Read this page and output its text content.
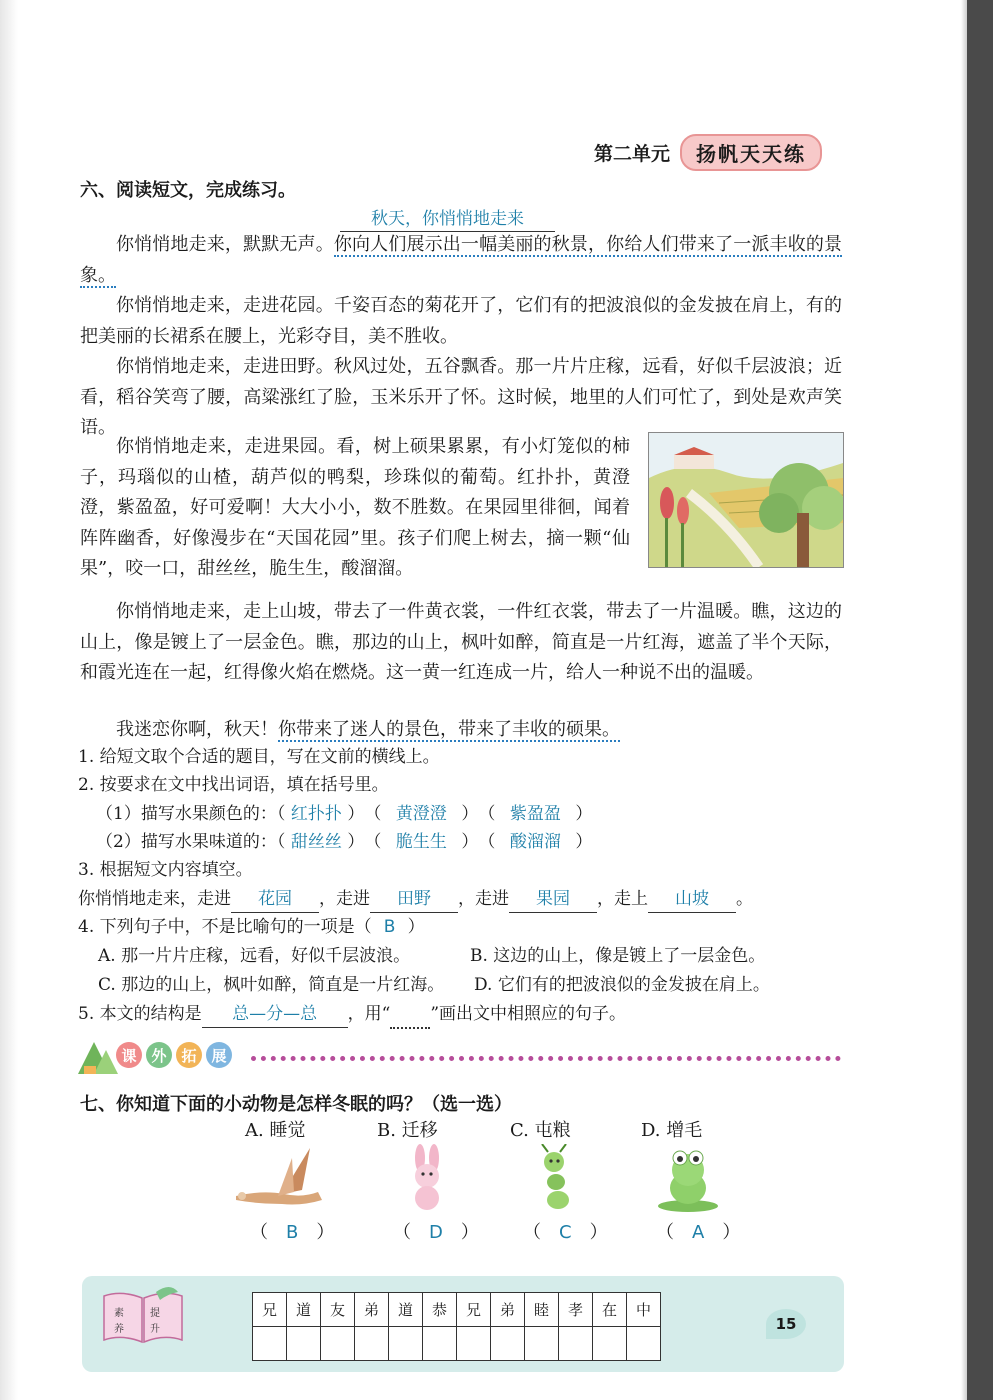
第二单元	扬帆天天练
六、阅读短文，完成练习。
秋天，你悄悄地走来

你悄悄地走来，默默无声。你向人们展示出一幅美丽的秋景，你给人们带来了一派丰收的景象。

你悄悄地走来，走进花园。千姿百态的菊花开了，它们有的把波浪似的金发披在肩上，有的把美丽的长裙系在腰上，光彩夺目，美不胜收。

你悄悄地走来，走进田野。秋风过处，五谷飘香。那一片片庄稼，远看，好似千层波浪；近看，稻谷笑弯了腰，高粱涨红了脸，玉米乐开了怀。这时候，地里的人们可忙了，到处是欢声笑语。

你悄悄地走来，走进果园。看，树上硕果累累，有小灯笼似的柿子，玛瑙似的山楂，葫芦似的鸭梨，珍珠似的葡萄。红扑扑，黄澄澄，紫盈盈，好可爱啊！大大小小，数不胜数。在果园里徘徊，闻着阵阵幽香，好像漫步在“天国花园”里。孩子们爬上树去，摘一颗“仙果”，咬一口，甜丝丝，脆生生，酸溜溜。

你悄悄地走来，走上山坡，带去了一件黄衣裳，一件红衣裳，带去了一片温暖。瞧，这边的山上，像是镀上了一层金色。瞧，那边的山上，枫叶如醉，简直是一片红海，遮盖了半个天际，和霞光连在一起，红得像火焰在燃烧。这一黄一红连成一片，给人一种说不出的温暖。

我迷恋你啊，秋天！你带来了迷人的景色，带来了丰收的硕果。

1. 给短文取个合适的题目，写在文前的横线上。
2. 按要求在文中找出词语，填在括号里。
（1）描写水果颜色的：（ 红扑扑 ）　（ 黄澄澄 ）　（ 紫盈盈 ）
（2）描写水果味道的：（ 甜丝丝 ）　（ 脆生生 ）　（ 酸溜溜 ）
3. 根据短文内容填空。
你悄悄地走来，走进 花园 ，走进 田野 ，走进 果园 ，走上 山坡 。
4. 下列句子中，不是比喻句的一项是（ B ）
A. 那一片片庄稼，远看，好似千层波浪。	B. 这边的山上，像是镀上了一层金色。
C. 那边的山上，枫叶如醉，简直是一片红海。 D. 它们有的把波浪似的金发披在肩上。
5. 本文的结构是 总—分—总 ，用“ ”画出文中相照应的句子。
课 外 拓 展
七、你知道下面的小动物是怎样冬眠的吗？（选一选）
A. 睡觉	B. 迁移	C. 屯粮	D. 增毛
（　B　）	（　D　） （　C　）	（　A　）
素	提
养	升
兄	道	友	弟	道	恭	兄	弟	睦	孝	在	中

15
